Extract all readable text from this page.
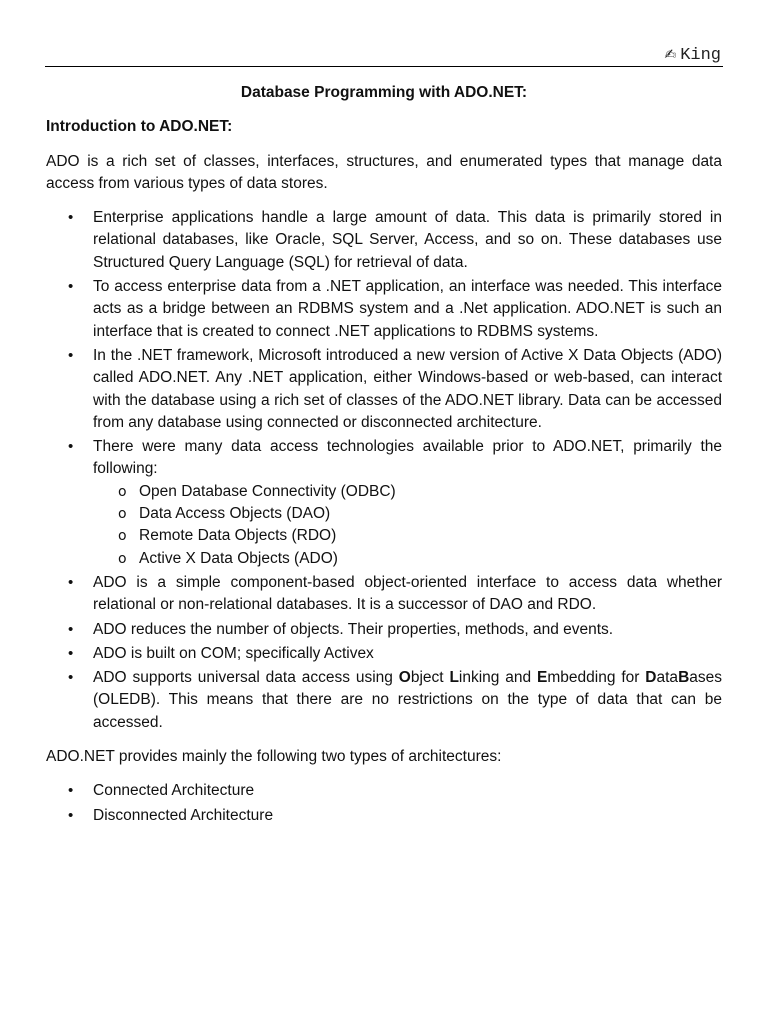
✍ King
Database Programming with ADO.NET:
Introduction to ADO.NET:

ADO is a rich set of classes, interfaces, structures, and enumerated types that manage data access from various types of data stores.

• Enterprise applications handle a large amount of data. This data is primarily stored in relational databases, like Oracle, SQL Server, Access, and so on. These databases use Structured Query Language (SQL) for retrieval of data.
• To access enterprise data from a .NET application, an interface was needed. This interface acts as a bridge between an RDBMS system and a .Net application. ADO.NET is such an interface that is created to connect .NET applications to RDBMS systems.
• In the .NET framework, Microsoft introduced a new version of Active X Data Objects (ADO) called ADO.NET. Any .NET application, either Windows-based or web-based, can interact with the database using a rich set of classes of the ADO.NET library. Data can be accessed from any database using connected or disconnected architecture.
• There were many data access technologies available prior to ADO.NET, primarily the following:
o Open Database Connectivity (ODBC)
o Data Access Objects (DAO)
o Remote Data Objects (RDO)
o Active X Data Objects (ADO)
• ADO is a simple component-based object-oriented interface to access data whether relational or non-relational databases. It is a successor of DAO and RDO.
• ADO reduces the number of objects. Their properties, methods, and events.
• ADO is built on COM; specifically Activex
• ADO supports universal data access using Object Linking and Embedding for DataBases (OLEDB). This means that there are no restrictions on the type of data that can be accessed.

ADO.NET provides mainly the following two types of architectures:

• Connected Architecture
• Disconnected Architecture
